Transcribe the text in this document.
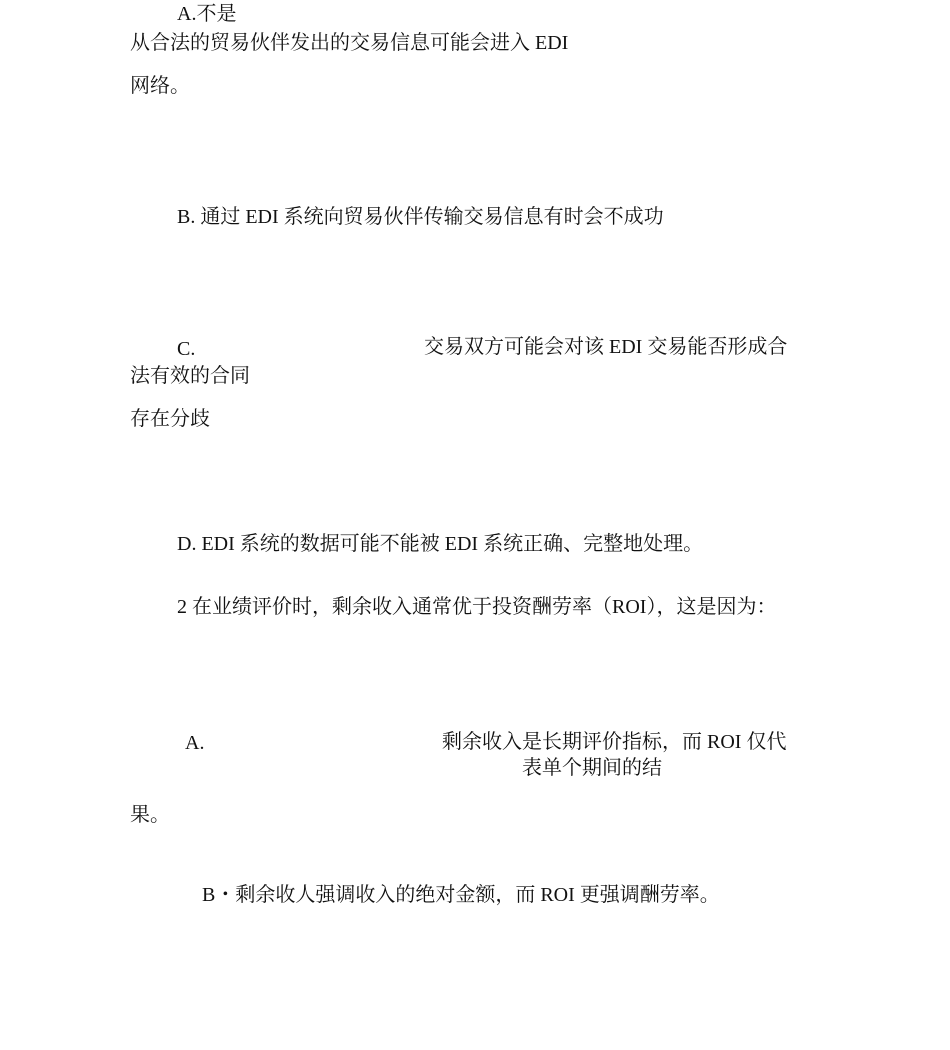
A.不是
从合法的贸易伙伴发出的交易信息可能会进入 EDI
网络。
B. 通过 EDI 系统向贸易伙伴传输交易信息有时会不成功
C.	交易双方可能会对该 EDI 交易能否形成合
法有效的合同
存在分歧
D. EDI 系统的数据可能不能被 EDI 系统正确、完整地处理。
2 在业绩评价时，剩余收入通常优于投资酬劳率（ROI），这是因为：
A.	剩余收入是长期评价指标，而 ROI 仅代
表单个期间的结
果。
B・剩余收人强调收入的绝对金额，而 ROI 更强调酬劳率。
